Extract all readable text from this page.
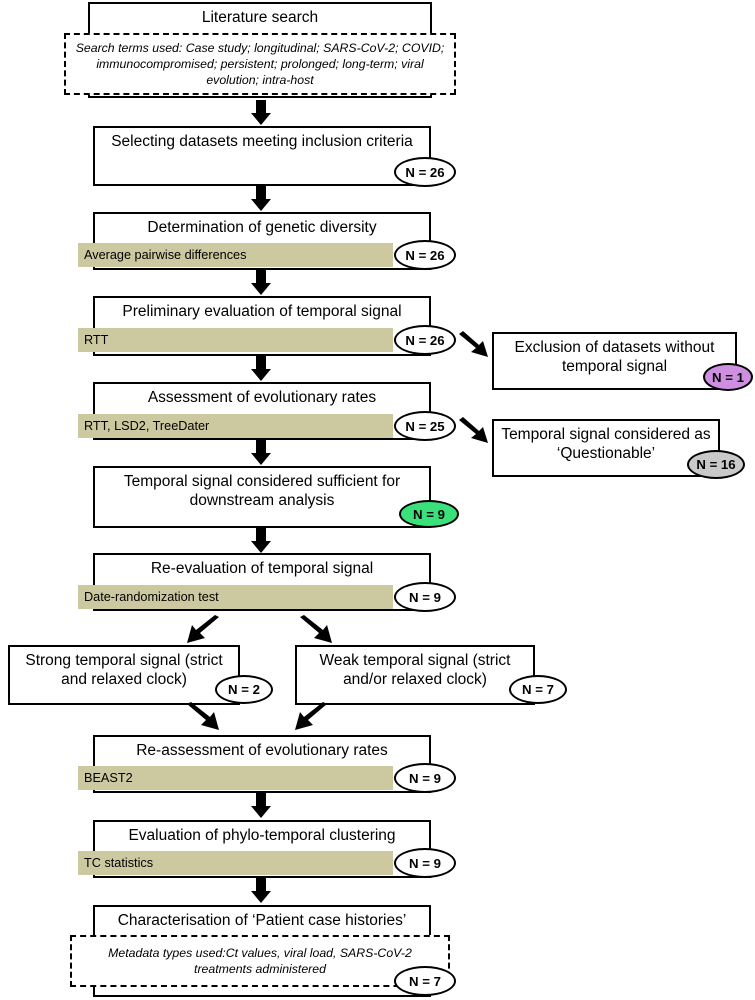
Literature search
Search terms used: Case study; longitudinal; SARS-CoV-2; COVID; immunocompromised; persistent; prolonged; long-term; viral evolution; intra-host
Selecting datasets meeting inclusion criteria
N = 26
Determination of genetic diversity
Average pairwise differences	N = 26
Preliminary evaluation of temporal signal
RTT	N = 26	Exclusion of datasets without temporal signal
N = 1
Assessment of evolutionary rates
RTT, LSD2, TreeDater	N = 25	Temporal signal considered as ‘Questionable’
N = 16
Temporal signal considered sufficient for downstream analysis
N = 9
Re-evaluation of temporal signal
Date-randomization test	N = 9
Strong temporal signal (strict and relaxed clock)
N = 2
Weak temporal signal (strict and/or relaxed clock)
N = 7
Re-assessment of evolutionary rates
BEAST2	N = 9
Evaluation of phylo-temporal clustering
TC statistics	N = 9
Characterisation of ‘Patient case histories’
Metadata types used:Ct values, viral load, SARS-CoV-2 treatments administered
N = 7
